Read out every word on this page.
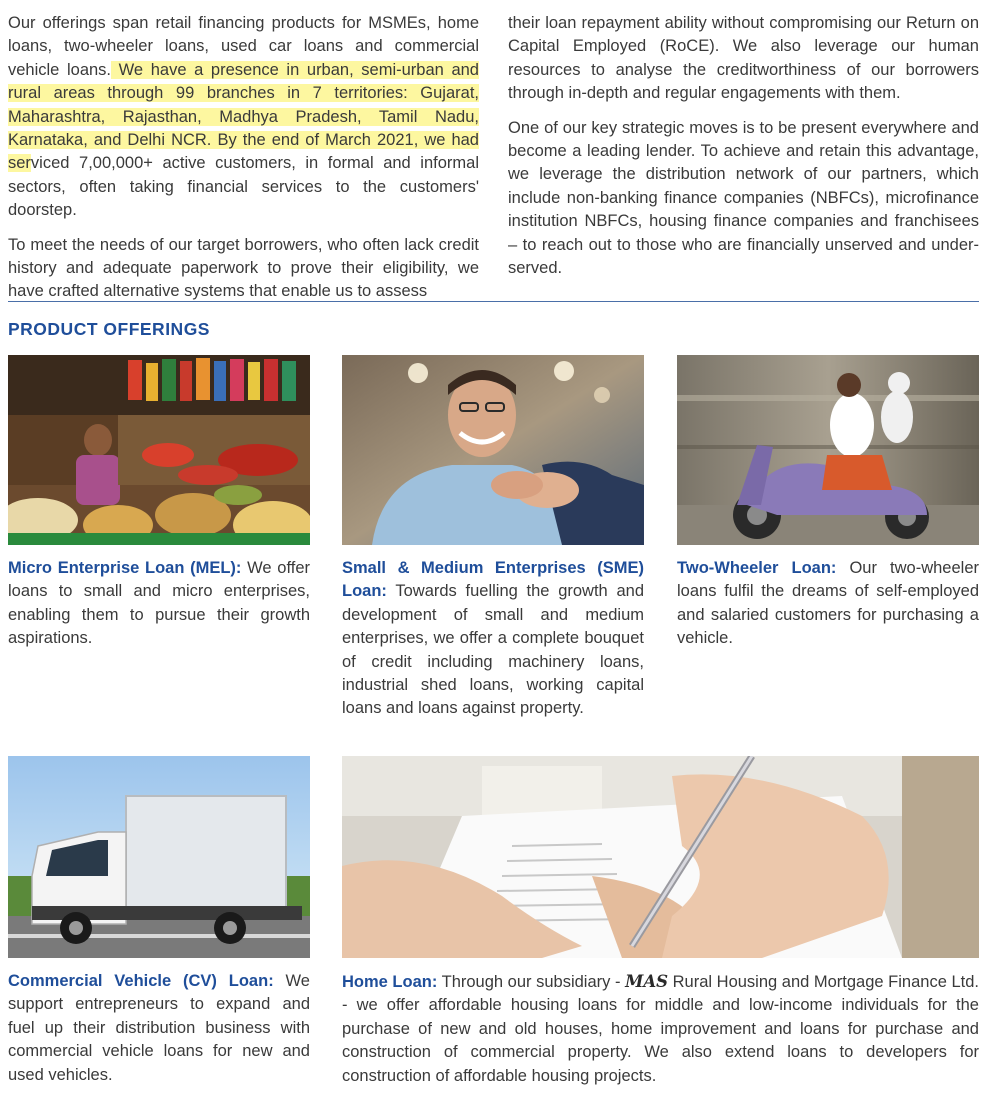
Our offerings span retail financing products for MSMEs, home loans, two-wheeler loans, used car loans and commercial vehicle loans. We have a presence in urban, semi-urban and rural areas through 99 branches in 7 territories: Gujarat, Maharashtra, Rajasthan, Madhya Pradesh, Tamil Nadu, Karnataka, and Delhi NCR. By the end of March 2021, we had serviced 7,00,000+ active customers, in formal and informal sectors, often taking financial services to the customers' doorstep.

To meet the needs of our target borrowers, who often lack credit history and adequate paperwork to prove their eligibility, we have crafted alternative systems that enable us to assess

their loan repayment ability without compromising our Return on Capital Employed (RoCE). We also leverage our human resources to analyse the creditworthiness of our borrowers through in-depth and regular engagements with them.

One of our key strategic moves is to be present everywhere and become a leading lender. To achieve and retain this advantage, we leverage the distribution network of our partners, which include non-banking finance companies (NBFCs), microfinance institution NBFCs, housing finance companies and franchisees – to reach out to those who are financially unserved and under-served.

PRODUCT OFFERINGS
Micro Enterprise Loan (MEL): We offer loans to small and micro enterprises, enabling them to pursue their growth aspirations.
Small & Medium Enterprises (SME) Loan: Towards fuelling the growth and development of small and medium enterprises, we offer a complete bouquet of credit including machinery loans, industrial shed loans, working capital loans and loans against property.
Two-Wheeler Loan: Our two-wheeler loans fulfil the dreams of self-employed and salaried customers for purchasing a vehicle.
Commercial Vehicle (CV) Loan: We support entrepreneurs to expand and fuel up their distribution business with commercial vehicle loans for new and used vehicles.
Home Loan: Through our subsidiary - MAS Rural Housing and Mortgage Finance Ltd. - we offer affordable housing loans for middle and low-income individuals for the purchase of new and old houses, home improvement and loans for purchase and construction of commercial property. We also extend loans to developers for construction of affordable housing projects.
